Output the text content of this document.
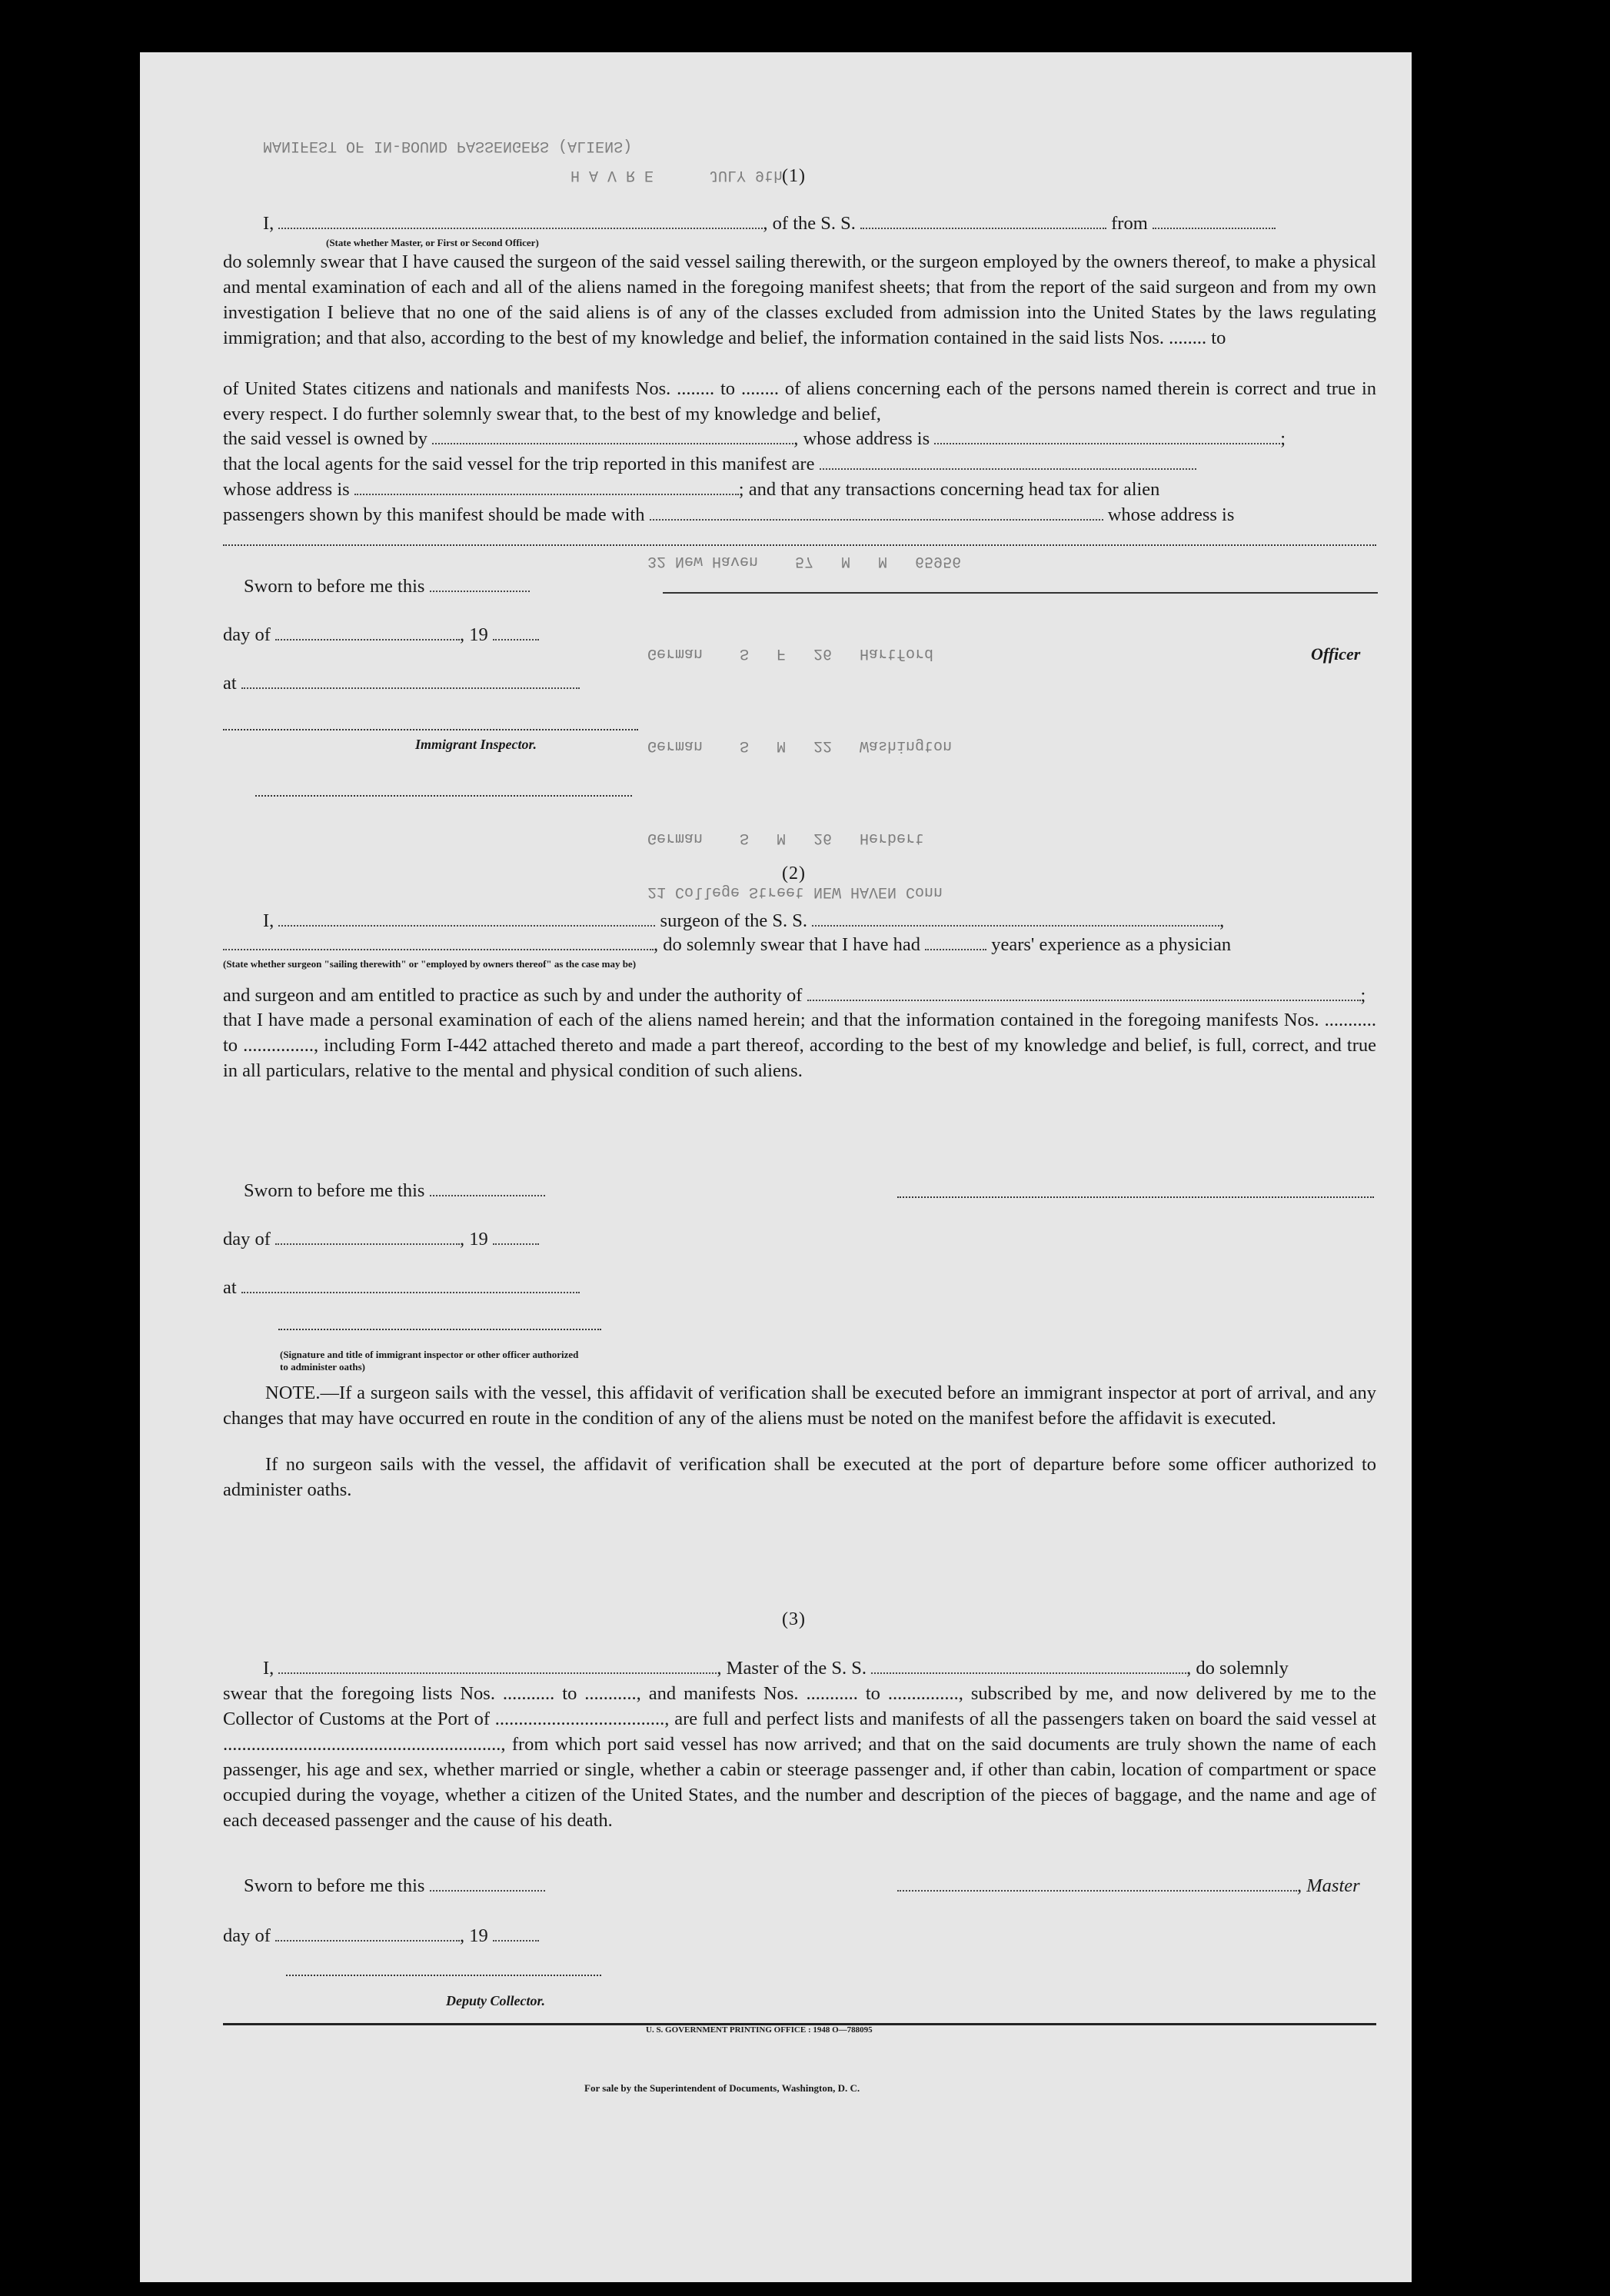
MANIFEST OF IN-BOUND PASSENGERS (ALIENS)
H A V R E      JULY 9th
32 New Haven    57   M   M   65956
German    S   F   26   Hartford
German    S   M   22   Washington
German    S   M   26   Herbert
21 College Street NEW HAVEN Conn
(1)
I,	, of the S. S.	from
(State whether Master, or First or Second Officer)
do solemnly swear that I have caused the surgeon of the said vessel sailing therewith, or the surgeon employed by the owners thereof, to make a physical and mental examination of each and all of the aliens named in the foregoing manifest sheets; that from the report of the said surgeon and from my own investigation I believe that no one of the said aliens is of any of the classes excluded from admission into the United States by the laws regulating immigration; and that also, according to the best of my knowledge and belief, the information contained in the said lists Nos. ........ to
of United States citizens and nationals and manifests Nos. ........ to ........ of aliens concerning each of the persons named therein is correct and true in every respect. I do further solemnly swear that, to the best of my knowledge and belief,
the said vessel is owned by	, whose address is	;
that the local agents for the said vessel for the trip reported in this manifest are
whose address is	; and that any transactions concerning head tax for alien
passengers shown by this manifest should be made with	whose address is
Sworn to before me this
day of	, 19
Officer
at
Immigrant Inspector.
(2)
I,	surgeon of the S. S.	,
, do solemnly swear that I have had	years' experience as a physician
(State whether surgeon "sailing therewith" or "employed by owners thereof" as the case may be)
and surgeon and am entitled to practice as such by and under the authority of	;
that I have made a personal examination of each of the aliens named herein; and that the information contained in the foregoing manifests Nos. ........... to ..............., including Form I-442 attached thereto and made a part thereof, according to the best of my knowledge and belief, is full, correct, and true in all particulars, relative to the mental and physical condition of such aliens.
Sworn to before me this
day of	, 19
at
(Signature and title of immigrant inspector or other officer authorized to administer oaths)
NOTE.—If a surgeon sails with the vessel, this affidavit of verification shall be executed before an immigrant inspector at port of arrival, and any changes that may have occurred en route in the condition of any of the aliens must be noted on the manifest before the affidavit is executed.
If no surgeon sails with the vessel, the affidavit of verification shall be executed at the port of departure before some officer authorized to administer oaths.
(3)
I,	, Master of the S. S.	, do solemnly
swear that the foregoing lists Nos. ........... to ..........., and manifests Nos. ........... to ..............., subscribed by me, and now delivered by me to the Collector of Customs at the Port of ...................................., are full and perfect lists and manifests of all the passengers taken on board the said vessel at ..........................................................., from which port said vessel has now arrived; and that on the said documents are truly shown the name of each passenger, his age and sex, whether married or single, whether a cabin or steerage passenger and, if other than cabin, location of compartment or space occupied during the voyage, whether a citizen of the United States, and the number and description of the pieces of baggage, and the name and age of each deceased passenger and the cause of his death.
Sworn to before me this	, Master
day of	, 19
Deputy Collector.
U. S. GOVERNMENT PRINTING OFFICE : 1948 O—788095
For sale by the Superintendent of Documents, Washington, D. C.
